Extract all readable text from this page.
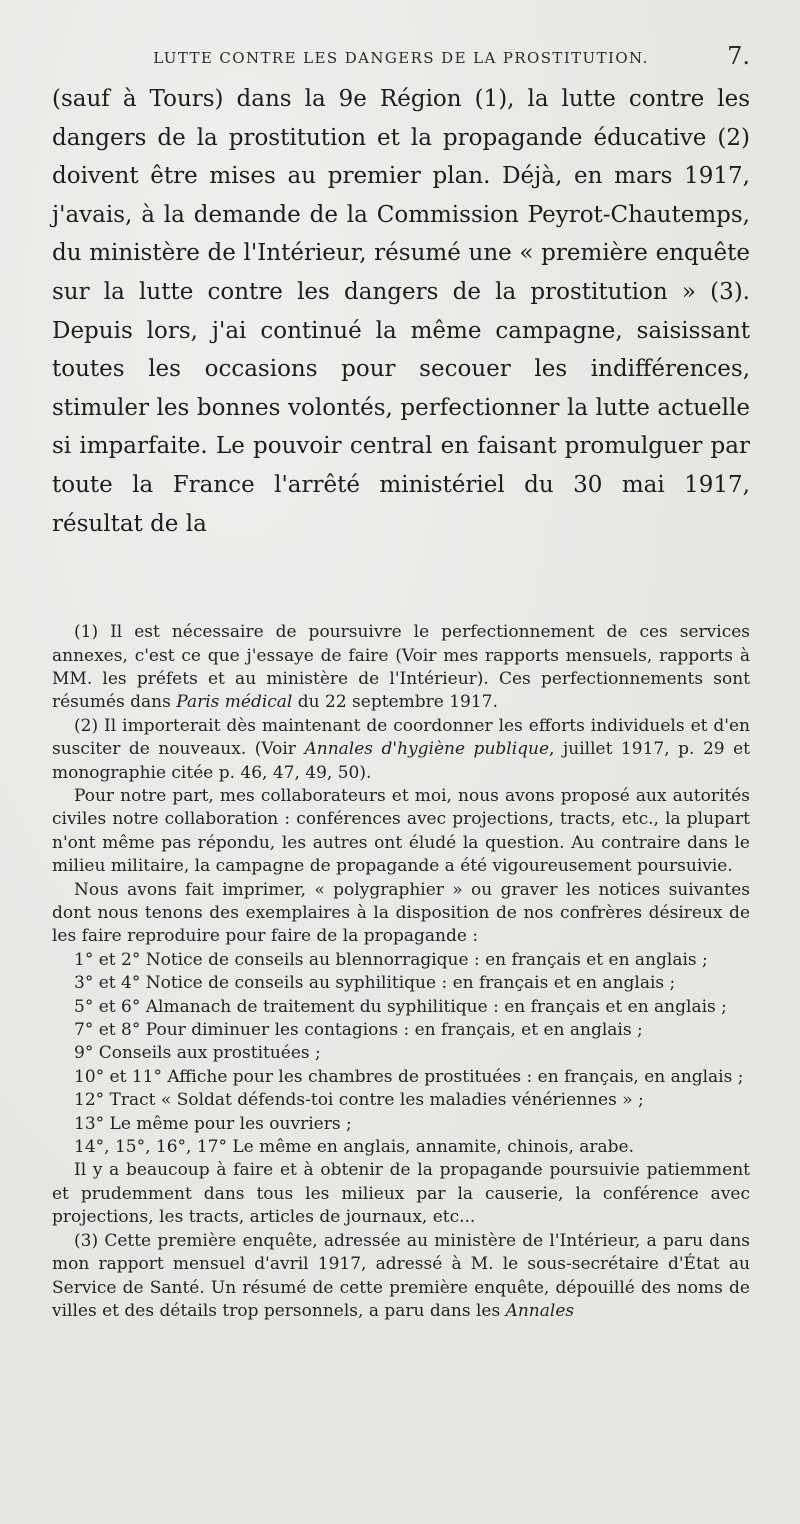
LUTTE CONTRE LES DANGERS DE LA PROSTITUTION.	7.

(sauf à Tours) dans la 9e Région (1), la lutte contre les dangers de la prostitution et la propagande éducative (2) doivent être mises au premier plan. Déjà, en mars 1917, j'avais, à la demande de la Commission Peyrot-Chautemps, du ministère de l'Intérieur, résumé une « première enquête sur la lutte contre les dangers de la prostitution » (3). Depuis lors, j'ai continué la même campagne, saisissant toutes les occasions pour secouer les indifférences, stimuler les bonnes volontés, perfectionner la lutte actuelle si imparfaite. Le pouvoir central en faisant promulguer par toute la France l'arrêté ministériel du 30 mai 1917, résultat de la

(1) Il est nécessaire de poursuivre le perfectionnement de ces services annexes, c'est ce que j'essaye de faire (Voir mes rapports mensuels, rapports à MM. les préfets et au ministère de l'Intérieur). Ces perfectionnements sont résumés dans Paris médical du 22 septembre 1917.

(2) Il importerait dès maintenant de coordonner les efforts individuels et d'en susciter de nouveaux. (Voir Annales d'hygiène publique, juillet 1917, p. 29 et monographie citée p. 46, 47, 49, 50).

Pour notre part, mes collaborateurs et moi, nous avons proposé aux autorités civiles notre collaboration : conférences avec projections, tracts, etc., la plupart n'ont même pas répondu, les autres ont éludé la question. Au contraire dans le milieu militaire, la campagne de propagande a été vigoureusement poursuivie.

Nous avons fait imprimer, « polygraphier » ou graver les notices suivantes dont nous tenons des exemplaires à la disposition de nos confrères désireux de les faire reproduire pour faire de la propagande :

1° et 2° Notice de conseils au blennorragique : en français et en anglais ;

3° et 4° Notice de conseils au syphilitique : en français et en anglais ;

5° et 6° Almanach de traitement du syphilitique : en français et en anglais ;

7° et 8° Pour diminuer les contagions : en français, et en anglais ;

9° Conseils aux prostituées ;

10° et 11° Affiche pour les chambres de prostituées : en français, en anglais ;

12° Tract « Soldat défends-toi contre les maladies vénériennes » ;

13° Le même pour les ouvriers ;

14°, 15°, 16°, 17° Le même en anglais, annamite, chinois, arabe.

Il y a beaucoup à faire et à obtenir de la propagande poursuivie patiemment et prudemment dans tous les milieux par la causerie, la conférence avec projections, les tracts, articles de journaux, etc...

(3) Cette première enquête, adressée au ministère de l'Intérieur, a paru dans mon rapport mensuel d'avril 1917, adressé à M. le sous-secrétaire d'État au Service de Santé. Un résumé de cette première enquête, dépouillé des noms de villes et des détails trop personnels, a paru dans les Annales
